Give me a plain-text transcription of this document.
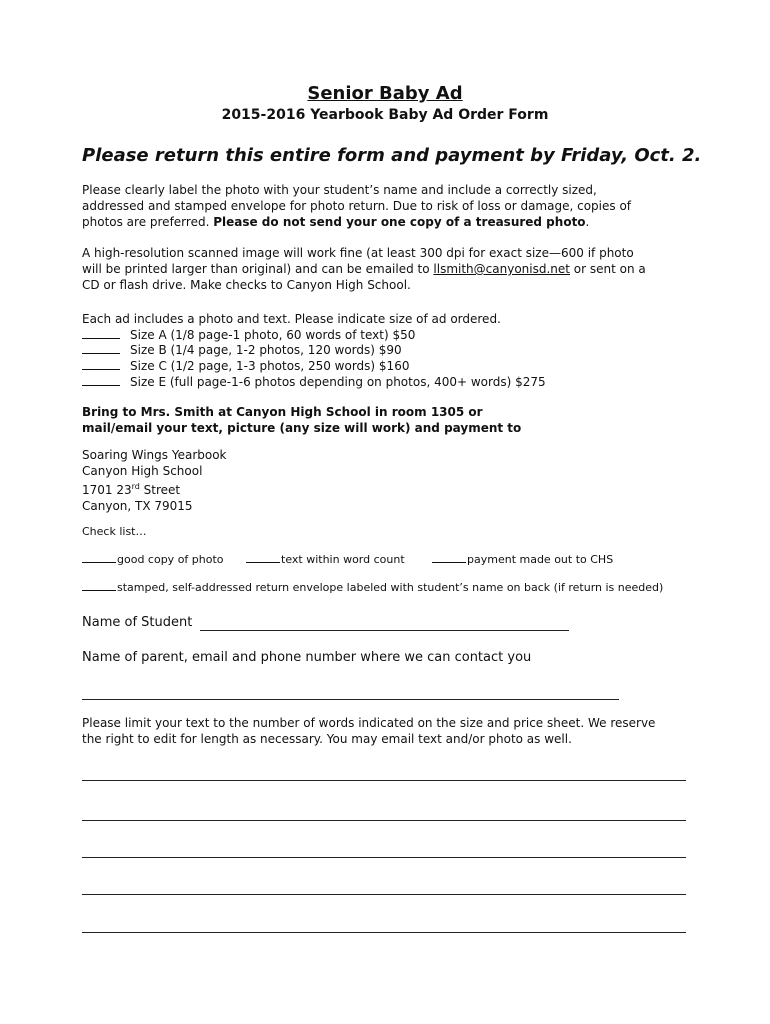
Senior Baby Ad
2015-2016 Yearbook Baby Ad Order Form
Please return this entire form and payment by Friday, Oct. 2.
Please clearly label the photo with your student’s name and include a correctly sized,
addressed and stamped envelope for photo return. Due to risk of loss or damage, copies of
photos are preferred. Please do not send your one copy of a treasured photo.
A high-resolution scanned image will work fine (at least 300 dpi for exact size—600 if photo
will be printed larger than original) and can be emailed to llsmith@canyonisd.net or sent on a
CD or flash drive. Make checks to Canyon High School.
Each ad includes a photo and text. Please indicate size of ad ordered.
Size A (1/8 page-1 photo, 60 words of text) $50
Size B (1/4 page, 1-2 photos, 120 words) $90
Size C (1/2 page, 1-3 photos, 250 words) $160
Size E (full page-1-6 photos depending on photos, 400+ words) $275
Bring to Mrs. Smith at Canyon High School in room 1305 or
mail/email your text, picture (any size will work) and payment to
Soaring Wings Yearbook
Canyon High School
1701 23rd Street
Canyon, TX 79015
Check list…
good copy of photo	text within word count	payment made out to CHS
stamped, self-addressed return envelope labeled with student’s name on back (if return is needed)
Name of Student
Name of parent, email and phone number where we can contact you
Please limit your text to the number of words indicated on the size and price sheet. We reserve
the right to edit for length as necessary. You may email text and/or photo as well.
